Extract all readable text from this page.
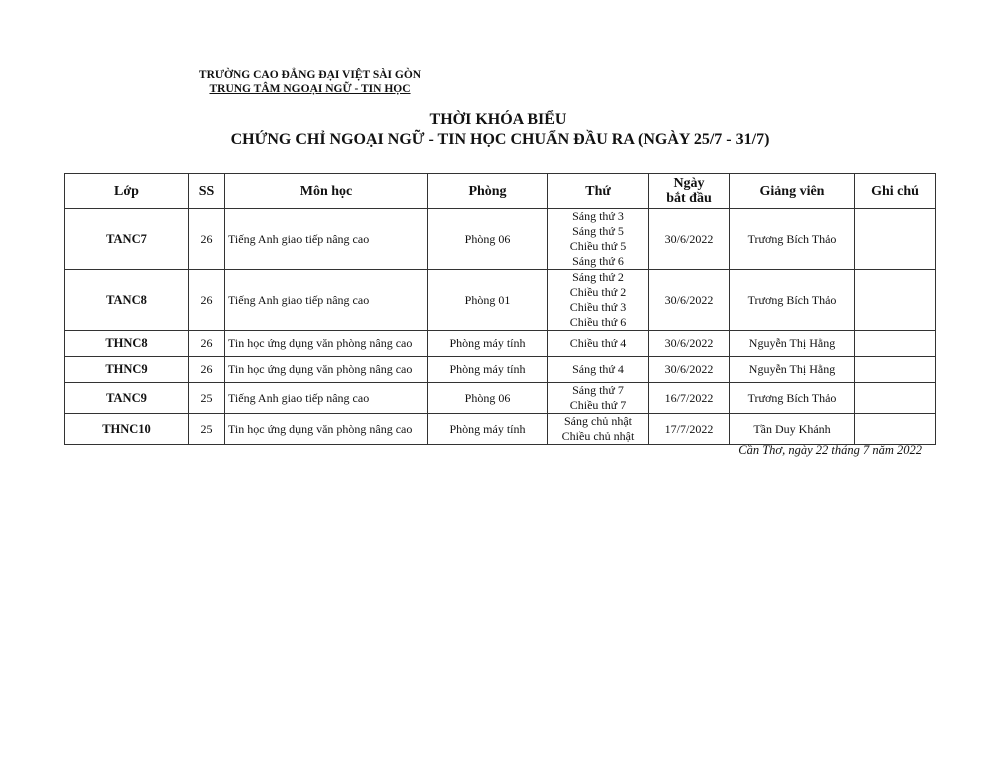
TRƯỜNG CAO ĐẲNG ĐẠI VIỆT SÀI GÒN
TRUNG TÂM NGOẠI NGỮ - TIN HỌC
THỜI KHÓA BIỂU
CHỨNG CHỈ NGOẠI NGỮ - TIN HỌC CHUẨN ĐẦU RA (NGÀY 25/7 - 31/7)
Lớp	SS	Môn học	Phòng	Thứ	Ngày
bắt đầu	Giảng viên	Ghi chú
TANC7	26	Tiếng Anh giao tiếp nâng cao	Phòng 06	Sáng thứ 3
Sáng thứ 5
Chiều thứ 5
Sáng thứ 6	30/6/2022	Trương Bích Thảo	
TANC8	26	Tiếng Anh giao tiếp nâng cao	Phòng 01	Sáng thứ 2
Chiều thứ 2
Chiều thứ 3
Chiều thứ 6	30/6/2022	Trương Bích Thảo	
THNC8	26	Tin học ứng dụng văn phòng nâng cao	Phòng máy tính	Chiều thứ 4	30/6/2022	Nguyễn Thị Hằng	
THNC9	26	Tin học ứng dụng văn phòng nâng cao	Phòng máy tính	Sáng thứ 4	30/6/2022	Nguyễn Thị Hằng	
TANC9	25	Tiếng Anh giao tiếp nâng cao	Phòng 06	Sáng thứ 7
Chiều thứ 7	16/7/2022	Trương Bích Thảo	
THNC10	25	Tin học ứng dụng văn phòng nâng cao	Phòng máy tính	Sáng chủ nhật
Chiều chủ nhật	17/7/2022	Tần Duy Khánh	
Cần Thơ, ngày 22 tháng 7 năm 2022
